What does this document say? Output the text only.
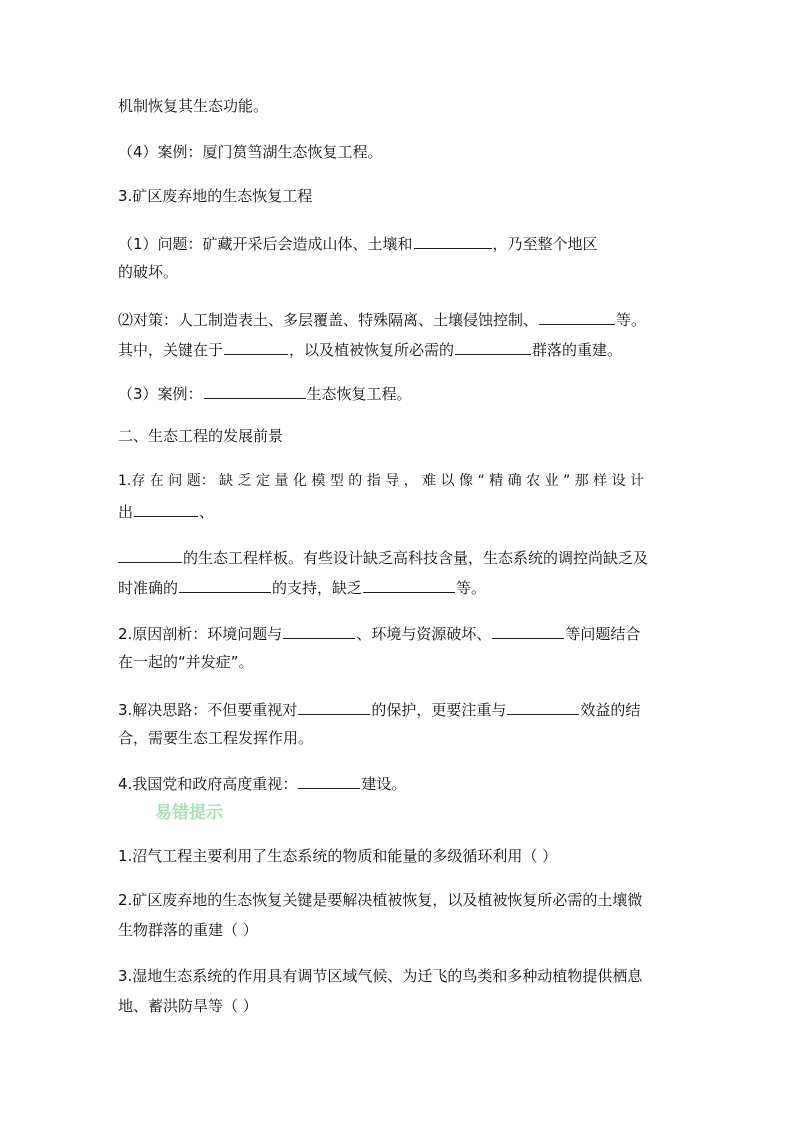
机制恢复其生态功能。
（4）案例：厦门筼筜湖生态恢复工程。
3.矿区废弃地的生态恢复工程
（1）问题：矿藏开采后会造成山体、土壤和	，乃至整个地区
的破坏。
⑵对策：人工制造表土、多层覆盖、特殊隔离、土壤侵蚀控制、	等。
其中，关键在于	，以及植被恢复所必需的	群落的重建。
（3）案例：	生态恢复工程。
二、生态工程的发展前景
1.存 在 问 题： 缺 乏 定 量 化 模 型 的 指 导 ， 难 以 像 “ 精 确 农 业 ” 那 样 设 计
出	、
的生态工程样板。有些设计缺乏高科技含量，生态系统的调控尚缺乏及
时准确的	的支持，缺乏	等。
2.原因剖析：环境问题与	、环境与资源破坏、	等问题结合
在一起的“并发症”。
3.解决思路：不但要重视对	的保护，更要注重与	效益的结
合，需要生态工程发挥作用。
4.我国党和政府高度重视：	建设。
易错提示
1.沼气工程主要利用了生态系统的物质和能量的多级循环利用（ ）
2.矿区废弃地的生态恢复关键是要解决植被恢复，以及植被恢复所必需的土壤微
生物群落的重建（ ）
3.湿地生态系统的作用具有调节区域气候、为迁飞的鸟类和多种动植物提供栖息
地、蓄洪防旱等（ ）
